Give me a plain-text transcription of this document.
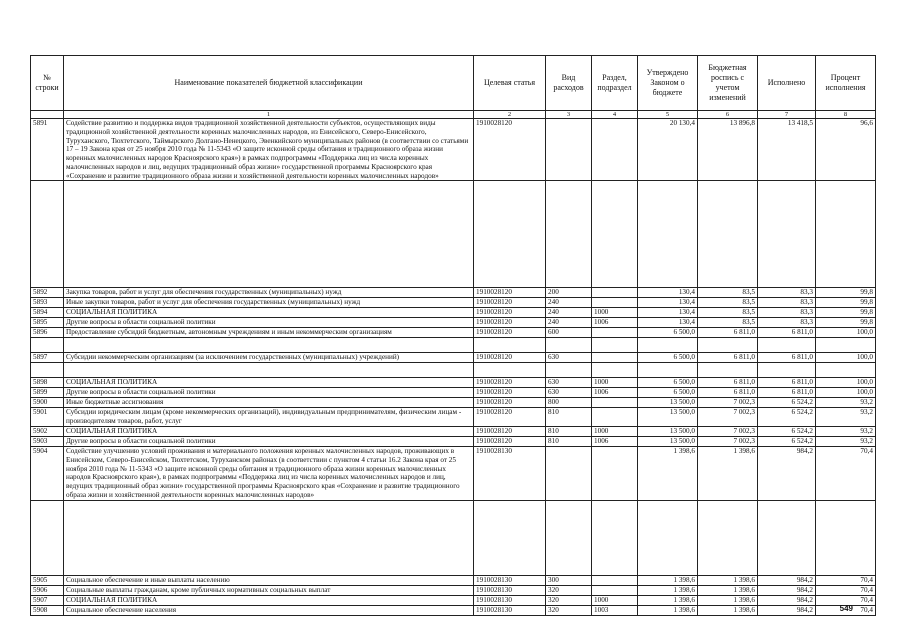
№ строки	Наименование показателей бюджетной классификации	Целевая статья	Вид расходов	Раздел, подраздел	Утверждено Законом о бюджете	Бюджетная роспись с учетом изменений	Исполнено	Процент исполнения
	1	2	3	4	5	6	7	8
5891	Содействие развитию и поддержка видов традиционной хозяйственной деятельности субъектов, осуществляющих виды традиционной хозяйственной деятельности коренных малочисленных народов, из Енисейского, Северо-Енисейского, Туруханского, Тюхтетского, Таймырского Долгано-Ненецкого, Эвенкийского муниципальных районов (в соответствии со статьями 17 – 19 Закона края от 25 ноября 2010 года № 11-5343 «О защите исконной среды обитания и традиционного образа жизни коренных малочисленных народов Красноярского края») в рамках подпрограммы «Поддержка лиц из числа коренных малочисленных народов и лиц, ведущих традиционный образ жизни» государственной программы Красноярского края «Сохранение и развитие традиционного образа жизни и хозяйственной деятельности коренных малочисленных народов»	1910028120			20 130,4	13 896,8	13 418,5	96,6

5892	Закупка товаров, работ и услуг для обеспечения государственных (муниципальных) нужд	1910028120	200		130,4	83,5	83,3	99,8
5893	Иные закупки товаров, работ и услуг для обеспечения государственных (муниципальных) нужд	1910028120	240		130,4	83,5	83,3	99,8
5894	СОЦИАЛЬНАЯ ПОЛИТИКА	1910028120	240	1000	130,4	83,5	83,3	99,8
5895	Другие вопросы в области социальной политики	1910028120	240	1006	130,4	83,5	83,3	99,8
5896	Предоставление субсидий бюджетным, автономным учреждениям и иным некоммерческим организациям	1910028120	600		6 500,0	6 811,0	6 811,0	100,0

5897	Субсидии некоммерческим организациям (за исключением государственных (муниципальных) учреждений)	1910028120	630		6 500,0	6 811,0	6 811,0	100,0

5898	СОЦИАЛЬНАЯ ПОЛИТИКА	1910028120	630	1000	6 500,0	6 811,0	6 811,0	100,0
5899	Другие вопросы в области социальной политики	1910028120	630	1006	6 500,0	6 811,0	6 811,0	100,0
5900	Иные бюджетные ассигнования	1910028120	800		13 500,0	7 002,3	6 524,2	93,2
5901	Субсидии юридическим лицам (кроме некоммерческих организаций), индивидуальным предпринимателям, физическим лицам - производителям товаров, работ, услуг	1910028120	810		13 500,0	7 002,3	6 524,2	93,2
5902	СОЦИАЛЬНАЯ ПОЛИТИКА	1910028120	810	1000	13 500,0	7 002,3	6 524,2	93,2
5903	Другие вопросы в области социальной политики	1910028120	810	1006	13 500,0	7 002,3	6 524,2	93,2
5904	Содействие улучшению условий проживания и материального положения коренных малочисленных народов, проживающих в Енисейском, Северо-Енисейском, Тюхтетском, Туруханском районах (в соответствии с пунктом 4 статьи 16.2 Закона края от 25 ноября 2010 года № 11-5343 «О защите исконной среды обитания и традиционного образа жизни коренных малочисленных народов Красноярского края»), в рамках подпрограммы «Поддержка лиц из числа коренных малочисленных народов и лиц, ведущих традиционный образ жизни» государственной программы Красноярского края «Сохранение и развитие традиционного образа жизни и хозяйственной деятельности коренных малочисленных народов»	1910028130			1 398,6	1 398,6	984,2	70,4

5905	Социальное обеспечение и иные выплаты населению	1910028130	300		1 398,6	1 398,6	984,2	70,4
5906	Социальные выплаты гражданам, кроме публичных нормативных социальных выплат	1910028130	320		1 398,6	1 398,6	984,2	70,4
5907	СОЦИАЛЬНАЯ ПОЛИТИКА	1910028130	320	1000	1 398,6	1 398,6	984,2	70,4
5908	Социальное обеспечение населения	1910028130	320	1003	1 398,6	1 398,6	984,2	70,4
549
